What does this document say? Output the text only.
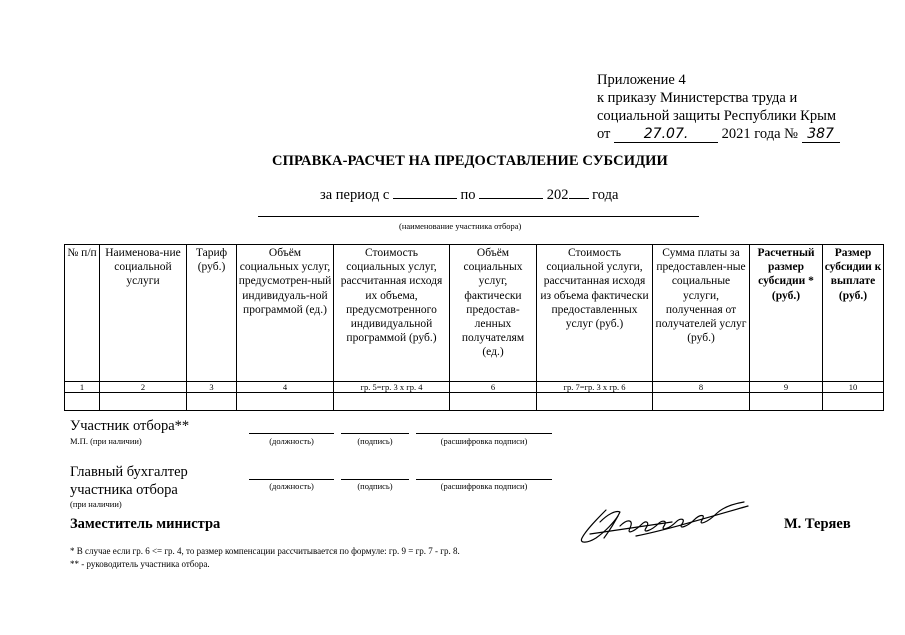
Приложение 4
к приказу Министерства труда и
социальной защиты Республики Крым
от 27.07. 2021 года № 387
СПРАВКА-РАСЧЕТ НА ПРЕДОСТАВЛЕНИЕ СУБСИДИИ
за период с	по	202 года
(наименование участника отбора)
№ п/п	Наименова-ние социальной услуги	Тариф (руб.)	Объём социальных услуг, предусмотрен-ный индивидуаль-ной программой (ед.)	Стоимость социальных услуг, рассчитанная исходя их объема, предусмотренного индивидуальной программой (руб.)	Объём социальных услуг, фактически предостав-ленных получателям (ед.)	Стоимость социальной услуги, рассчитанная исходя из объема фактически предоставленных услуг (руб.)	Сумма платы за предоставлен-ные социальные услуги, полученная от получателей услуг (руб.)	Расчетный размер субсидии * (руб.)	Размер субсидии к выплате (руб.)
1	2	3	4	гр. 5=гр. 3 х гр. 4	6	гр. 7=гр. 3 х гр. 6	8	9	10

Участник отбора**
М.П. (при наличии)	(должность)	(подпись)	(расшифровка подписи)
Главный бухгалтер
участника отбора
(при наличии)
(должность)	(подпись)	(расшифровка подписи)
Заместитель министра	М. Теряев
* В случае если гр. 6 <= гр. 4, то размер компенсации рассчитывается по формуле: гр. 9 = гр. 7 - гр. 8.
** - руководитель участника отбора.
